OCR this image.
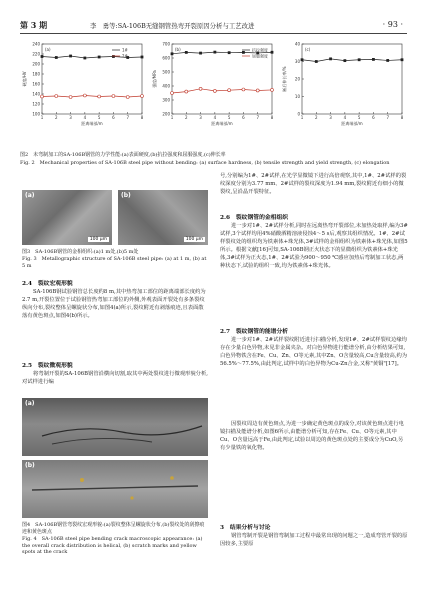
第 3 期	李　勇等:SA-106B无缝钢管热弯开裂原因分析与工艺改进	· 93 ·
(a)
100
120
140
160
180
200
220
240
1	2	3	4	5	6	7	8
距离端部/m
硬度/HV
1#
2#
(b)
200
300
400
500
600
700
1	2	3	4	5	6	7	8
距离端部/m
强度/MPa
抗拉强度
屈服强度
(c)
0
10
20
30
40
1	2	3	4	5	6	7	8
距离端部/m
断后伸长率/%
图2　未弯制加工的SA-106B钢管的力学性能:(a)表面硬度,(b)抗拉强度和屈服强度,(c)伸长率
Fig. 2　Mechanical properties of SA-106B steel pipe without bending: (a) surface hardness, (b) tensile strength and yield strength, (c) elongation
(a)
100 μm
(b)
100 μm
图3　SA-106B钢管的金相组织:(a)1 m处,(b)5 m处
Fig. 3　Metallographic structure of SA-106B steel pipe: (a) at 1 m, (b) at 5 m
2.4　裂纹宏观形貌
SA-106B钢试验钢管总长度约8 m,其中热弯加工部位的距离端部长度约为2.7 m,开裂位置位于试验钢管热弯加工部位的外侧,外观表面开裂处有多条裂纹纵向分布,裂纹整体呈螺旋状分布,如图4(a)所示,裂纹附近有剥落痕迹,且表面散落有黄色斑点,如图4(b)所示。
2.5　裂纹微观形貌
将弯制开裂的SA-106B钢管沿横向切割,取其中两处裂纹进行微观形貌分析,对试样进行编
(a)
(b)
图4　SA-106B钢管弯裂纹宏观形貌:(a)裂纹整体呈螺旋状分布,(b)裂纹处的刮擦痕迹和黄色斑点
Fig. 4　SA-106B steel pipe bending crack macroscopic appearance: (a) the overall crack distribution is helical, (b) scratch marks and yellow spots at the crack
号,分别编为1#、2#试样,在光学显微镜下进行高倍观察,其中,1#、2#试样的裂纹深度分别为3.77 mm、2#试样的裂纹深度为1.94 mm,裂纹附近有细小的微裂纹,呈沿晶开裂特征。
2.6　裂纹钢管的金相组织
进一步对1#、2#试样分析,同时在远离热弯开裂部位,未加热处取样,编为3#试样,3个试样均用4%硝酸酒精溶液侵蚀4～5 s后,观察其组织情况。1#、2#试样裂纹处的组织均为铁素体+珠光体,3#试样的金相组织为铁素体+珠光体,如图5所示。根据文献[16]可知,SA-106B钢正火状态下的显微组织为铁素体+珠光体,3#试样为正火态,1#、2#试验为900～950 ℃感应加热后弯制加工状态,两种状态下,试验的组织一致,均为铁素体+珠光体。
2.7　裂纹钢管的能谱分析
进一步对1#、2#试样裂纹附近进行扫描分析,发现1#、2#试样裂纹边缘均存在少量白色异物,未见非金属夹杂。对白色异物进行能谱分析,由分析结果可知,白色异物铁含在Fe、Cu、Zn、O等元素,其中Zn、O含量较高,Cu含量较高,约为56.5%～77.5%,由此判定,试样中的白色异物为Cu-Zn合金,又称"黄铜"[17]。
因裂纹周边有黄色斑点,为进一步确定黄色斑点的成分,对该黄色斑点进行电镜扫描及能谱分析,如图6所示,由能谱分析可知,存在Fe、Cu、O等元素,其中Cu、O含量远高于Fe,由此判定,试验以周边的黄色斑点处的主要成分为CuO,另有少量铁的氧化物。
3　结果分析与讨论
钢管弯制开裂是钢管弯制加工过程中最常出现的问题之一,造成弯管开裂的原因较多,主要原
